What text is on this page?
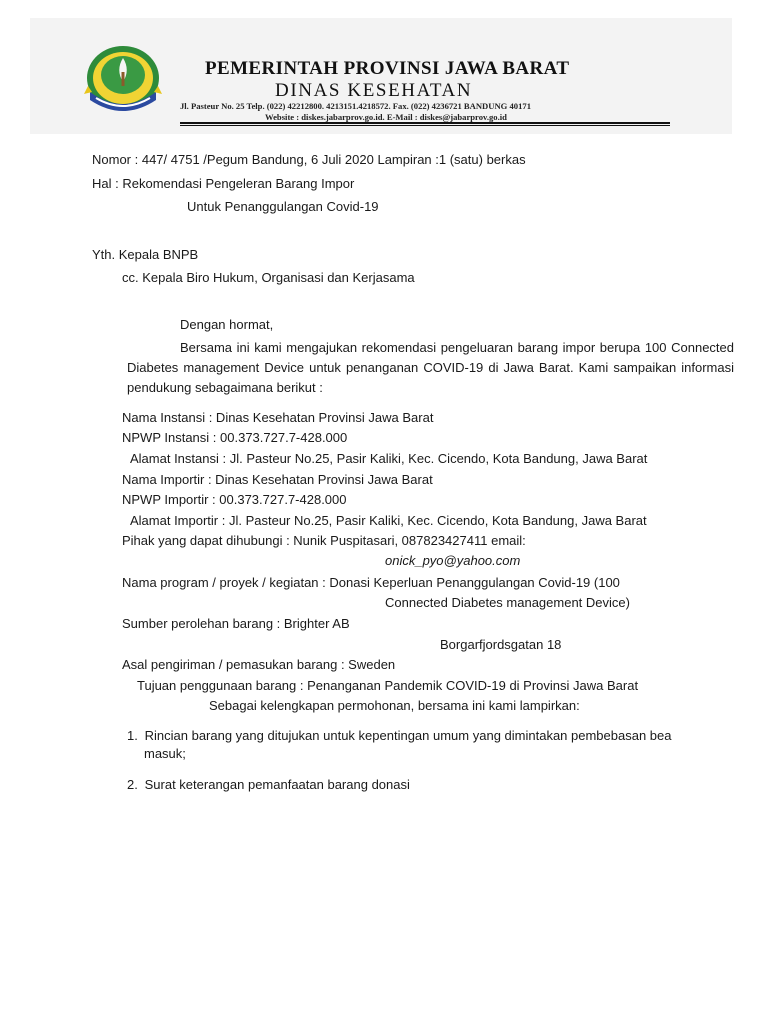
PEMERINTAH PROVINSI JAWA BARAT
DINAS KESEHATAN
Jl. Pasteur No. 25 Telp. (022) 42212800. 4213151.4218572. Fax. (022) 4236721 BANDUNG 40171
Website : diskes.jabarprov.go.id. E-Mail : diskes@jabarprov.go.id
Nomor : 447/ 4751 /Pegum Bandung, 6 Juli 2020 Lampiran :1 (satu) berkas
Hal : Rekomendasi Pengeleran Barang Impor
Untuk Penanggulangan Covid-19
Yth. Kepala BNPB
cc. Kepala Biro Hukum, Organisasi dan Kerjasama
Dengan hormat,
Bersama ini kami mengajukan rekomendasi pengeluaran barang impor berupa 100 Connected Diabetes management Device untuk penanganan COVID-19 di Jawa Barat. Kami sampaikan informasi pendukung sebagaimana berikut :
Nama Instansi : Dinas Kesehatan Provinsi Jawa Barat
NPWP Instansi : 00.373.727.7-428.000
Alamat Instansi : Jl. Pasteur No.25, Pasir Kaliki, Kec. Cicendo, Kota Bandung, Jawa Barat
Nama Importir : Dinas Kesehatan Provinsi Jawa Barat
NPWP Importir : 00.373.727.7-428.000
Alamat Importir : Jl. Pasteur No.25, Pasir Kaliki, Kec. Cicendo, Kota Bandung, Jawa Barat
Pihak yang dapat dihubungi : Nunik Puspitasari, 087823427411 email:
onick_pyo@yahoo.com
Nama program / proyek / kegiatan : Donasi Keperluan Penanggulangan Covid-19 (100
Connected Diabetes management Device)
Sumber perolehan barang : Brighter AB
Borgarfjordsgatan 18
Asal pengiriman / pemasukan barang : Sweden
Tujuan penggunaan barang : Penanganan Pandemik COVID-19 di Provinsi Jawa Barat
Sebagai kelengkapan permohonan, bersama ini kami lampirkan:
1. Rincian barang yang ditujukan untuk kepentingan umum yang dimintakan pembebasan bea
masuk;
2. Surat keterangan pemanfaatan barang donasi
